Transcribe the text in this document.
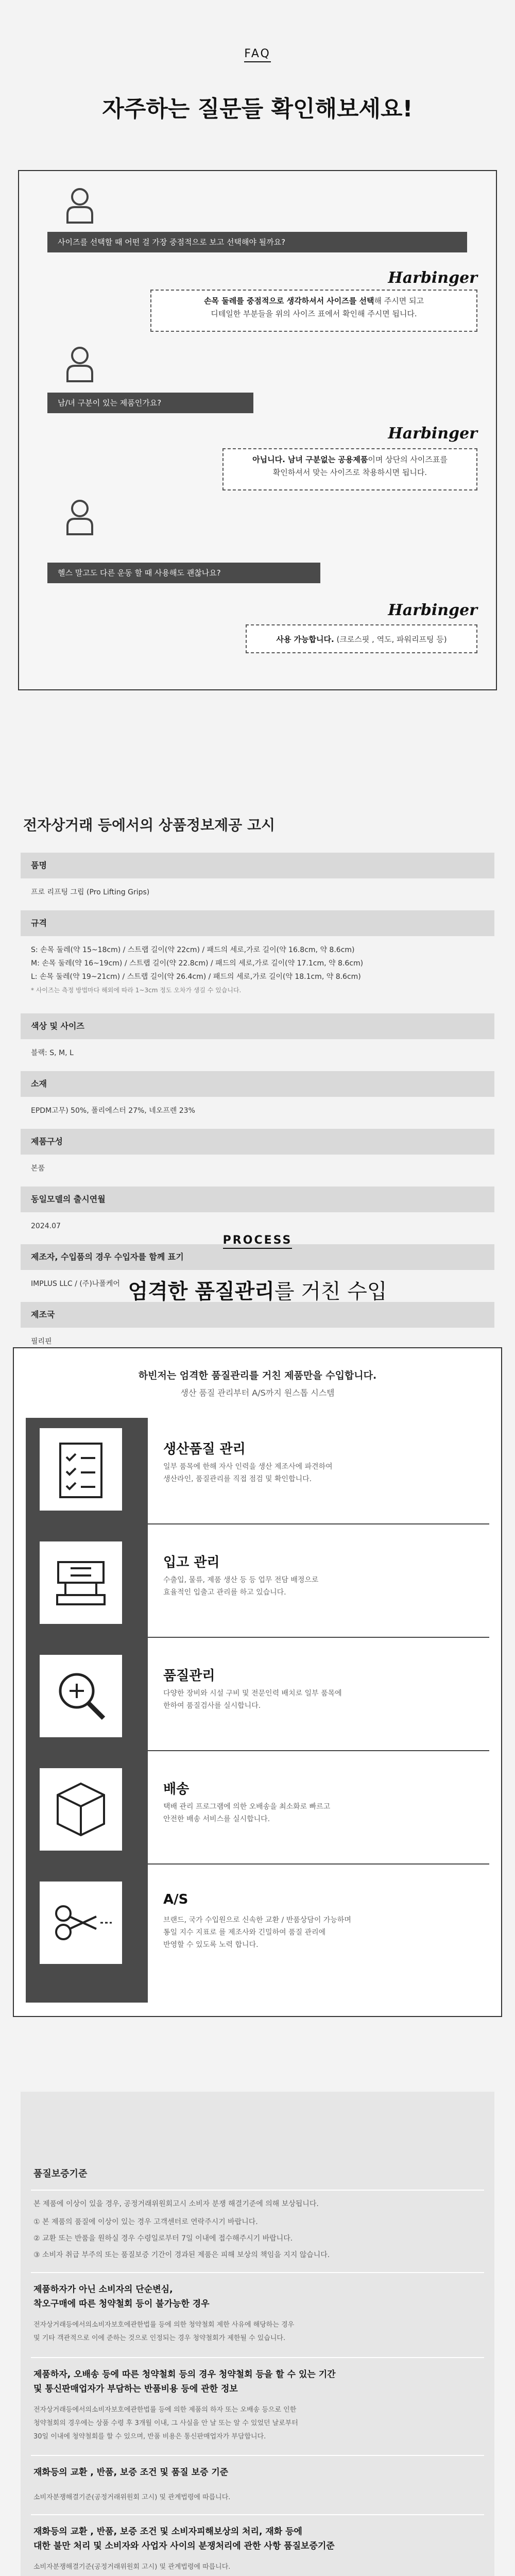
FAQ
자주하는 질문들 확인해보세요!
사이즈를 선택할 때 어떤 걸 가장 중점적으로 보고 선택해야 될까요?
Harbinger
손목 둘레를 중점적으로 생각하셔서 사이즈를 선택해 주시면 되고
디테일한 부분들을 위의 사이즈 표에서 확인해 주시면 됩니다.
남/녀 구분이 있는 제품인가요?
Harbinger
아닙니다. 남녀 구분없는 공용제품이며 상단의 사이즈표를
확인하셔서 맞는 사이즈로 착용하시면 됩니다.
헬스 말고도 다른 운동 할 때 사용해도 괜찮나요?
Harbinger
사용 가능합니다. (크로스핏 , 역도, 파워리프팅 등)
전자상거래 등에서의 상품정보제공 고시
품명
프로 리프팅 그립 (Pro Lifting Grips)
규격
S: 손목 둘레(약 15~18cm) / 스트랩 길이(약 22cm) / 패드의 세로,가로 길이(약 16.8cm, 약 8.6cm)
M: 손목 둘레(약 16~19cm) / 스트랩 길이(약 22.8cm) / 패드의 세로,가로 길이(약 17.1cm, 약 8.6cm)
L: 손목 둘레(약 19~21cm) / 스트랩 길이(약 26.4cm) / 패드의 세로,가로 길이(약 18.1cm, 약 8.6cm)
* 사이즈는 측정 방법마다 해외에 따라 1~3cm 정도 오차가 생길 수 있습니다.
색상 및 사이즈
블랙: S, M, L
소재
EPDM고무) 50%, 폴리에스터 27%, 네오프렌 23%
제품구성
본품
동일모델의 출시연월
2024.07
제조자, 수입품의 경우 수입자를 함께 표기
IMPLUS LLC / (주)나폴케어
제조국
필리핀
PROCESS
엄격한 품질관리를 거친 수입
하빈저는 엄격한 품질관리를 거친 제품만을 수입합니다.
생산 품질 관리부터 A/S까지 원스톱 시스템
생산품질 관리
일부 품목에 한해 자사 인력을 생산 제조사에 파견하여
생산라인, 품질관리를 직접 점검 및 확인합니다.
입고 관리
수출입, 물류, 제품 생산 등 등 업무 전담 배정으로
효율적인 입출고 관리를 하고 있습니다.
품질관리
다양한 장비와 시설 구비 및 전문인력 배치로 일부 품목에
한하여 품질검사를 실시합니다.
배송
택배 관리 프로그램에 의한 오배송을 최소화로 빠르고
안전한 배송 서비스를 실시합니다.
A/S
브랜드, 국가 수입원으로 신속한 교환 / 반품상담이 가능하며
통일 지수 지표로 를 제조사와 긴밀하여 품질 관리에
반영할 수 있도록 노력 합니다.
품질보증기준
본 제품에 이상이 있을 경우, 공정거래위원회고시 소비자 분쟁 해결기준에 의해 보상됩니다.
① 본 제품의 품질에 이상이 있는 경우 고객센터로 연락주시기 바랍니다.
② 교환 또는 반품을 원하실 경우 수령일로부터 7일 이내에 접수해주시기 바랍니다.
③ 소비자 취급 부주의 또는 품질보증 기간이 경과된 제품은 피해 보상의 책임을 지지 않습니다.
제품하자가 아닌 소비자의 단순변심,
착오구매에 따른 청약철회 등이 불가능한 경우
전자상거래등에서의소비자보호에관한법률 등에 의한 청약철회 제한 사유에 해당하는 경우
및 기타 객관적으로 이에 준하는 것으로 인정되는 경우 청약철회가 제한될 수 있습니다.
제품하자, 오배송 등에 따른 청약철회 등의 경우 청약철회 등을 할 수 있는 기간
및 통신판매업자가 부담하는 반품비용 등에 관한 정보
전자상거래등에서의소비자보호에관한법률 등에 의한 제품의 하자 또는 오배송 등으로 인한
청약철회의 경우에는 상품 수령 후 3개월 이내, 그 사실을 안 날 또는 알 수 있었던 날로부터
30일 이내에 청약철회를 할 수 있으며, 반품 비용은 통신판매업자가 부담합니다.
재화등의 교환 , 반품, 보증 조건 및 품질 보증 기준
소비자분쟁해결기준(공정거래위원회 고시) 및 관계법령에 따릅니다.
재화등의 교환 , 반품, 보증 조건 및 소비자피해보상의 처리, 재화 등에
대한 불만 처리 및 소비자와 사업자 사이의 분쟁처리에 관한 사항 품질보증기준
소비자분쟁해결기준(공정거래위원회 고시) 및 관계법령에 따릅니다.
